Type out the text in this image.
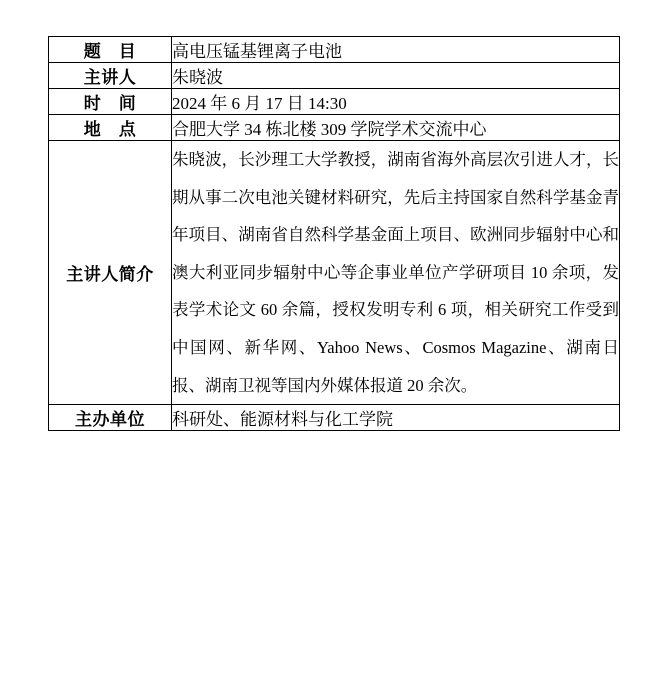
题　目	高电压锰基锂离子电池
主讲人	朱晓波
时　间	2024 年 6 月 17 日 14:30
地　点	合肥大学 34 栋北楼 309 学院学术交流中心
主讲人简介	朱晓波，长沙理工大学教授，湖南省海外高层次引进人才，长期从事二次电池关键材料研究，先后主持国家自然科学基金青年项目、湖南省自然科学基金面上项目、欧洲同步辐射中心和澳大利亚同步辐射中心等企事业单位产学研项目 10 余项，发表学术论文 60 余篇，授权发明专利 6 项，相关研究工作受到中国网、新华网、Yahoo News、Cosmos Magazine、湖南日报、湖南卫视等国内外媒体报道 20 余次。
主办单位	科研处、能源材料与化工学院
